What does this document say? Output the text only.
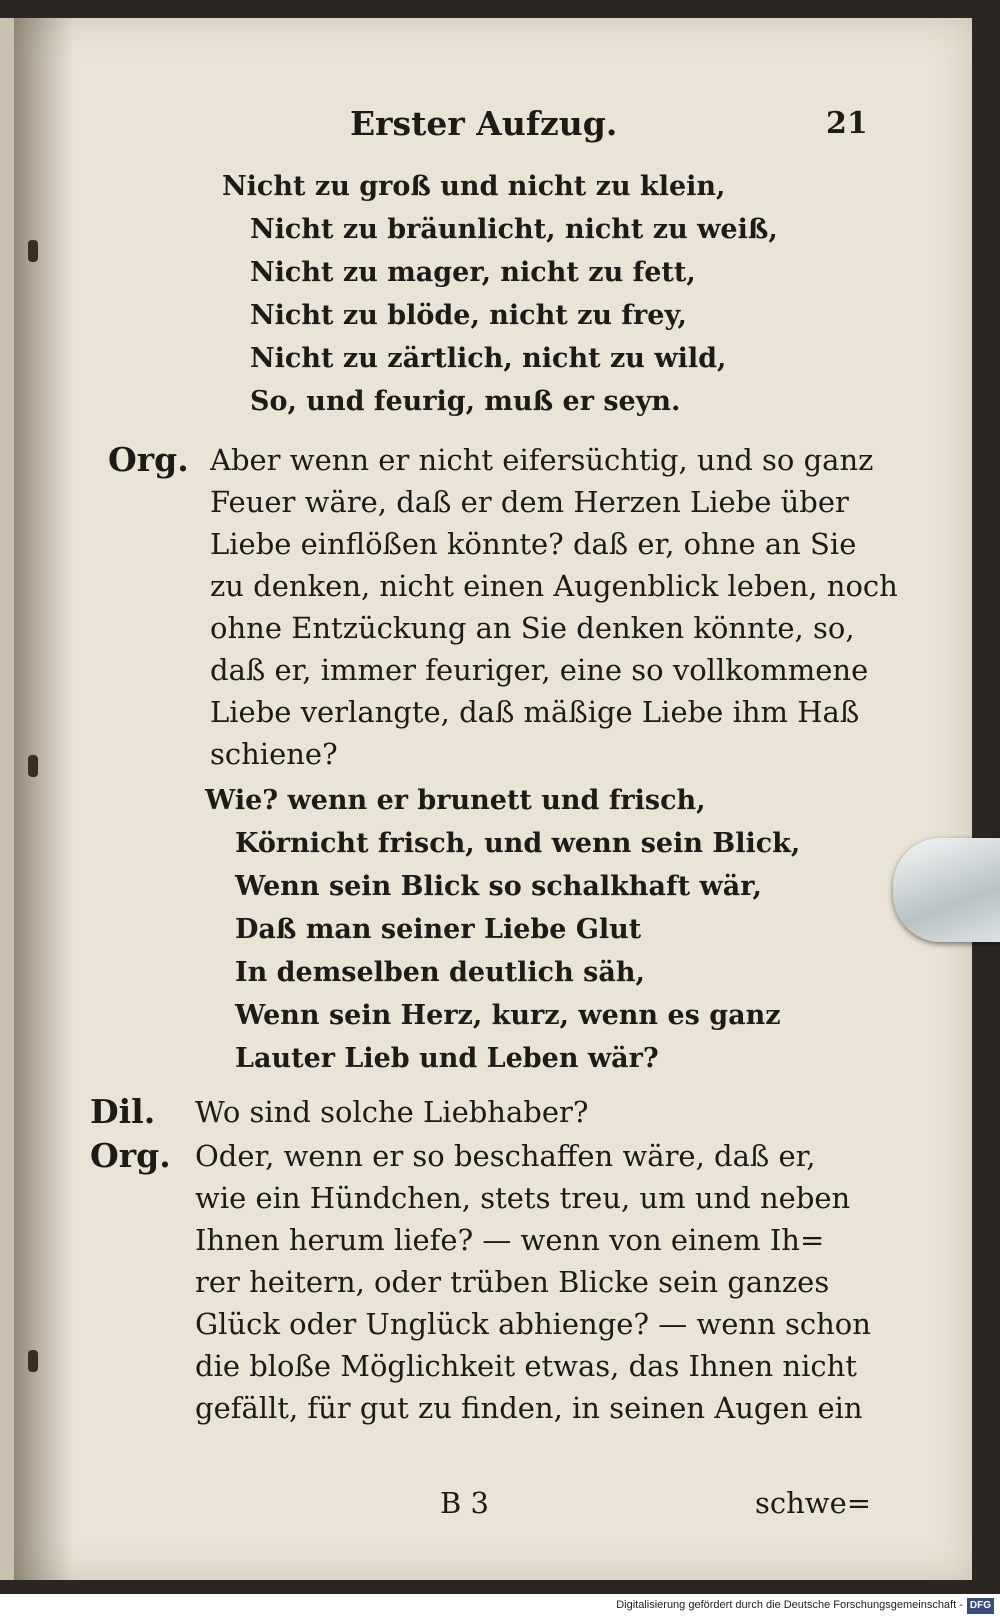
Erster Aufzug.	21
Nicht zu groß und nicht zu klein,
Nicht zu bräunlicht, nicht zu weiß,
Nicht zu mager, nicht zu fett,
Nicht zu blöde, nicht zu frey,
Nicht zu zärtlich, nicht zu wild,
So, und feurig, muß er seyn.
Org. Aber wenn er nicht eifersüchtig, und so ganz
Feuer wäre, daß er dem Herzen Liebe über
Liebe einflößen könnte? daß er, ohne an Sie
zu denken, nicht einen Augenblick leben, noch
ohne Entzückung an Sie denken könnte, so,
daß er, immer feuriger, eine so vollkommene
Liebe verlangte, daß mäßige Liebe ihm Haß
schiene?
Wie? wenn er brunett und frisch,
Körnicht frisch, und wenn sein Blick,
Wenn sein Blick so schalkhaft wär,
Daß man seiner Liebe Glut
In demselben deutlich säh,
Wenn sein Herz, kurz, wenn es ganz
Lauter Lieb und Leben wär?
Dil. Wo sind solche Liebhaber?
Org. Oder, wenn er so beschaffen wäre, daß er,
wie ein Hündchen, stets treu, um und neben
Ihnen herum liefe? — wenn von einem Ih=
rer heitern, oder trüben Blicke sein ganzes
Glück oder Unglück abhienge? — wenn schon
die bloße Möglichkeit etwas, das Ihnen nicht
gefällt, für gut zu finden, in seinen Augen ein
B 3	schwe=
Digitalisierung gefördert durch die Deutsche Forschungsgemeinschaft - DFG
